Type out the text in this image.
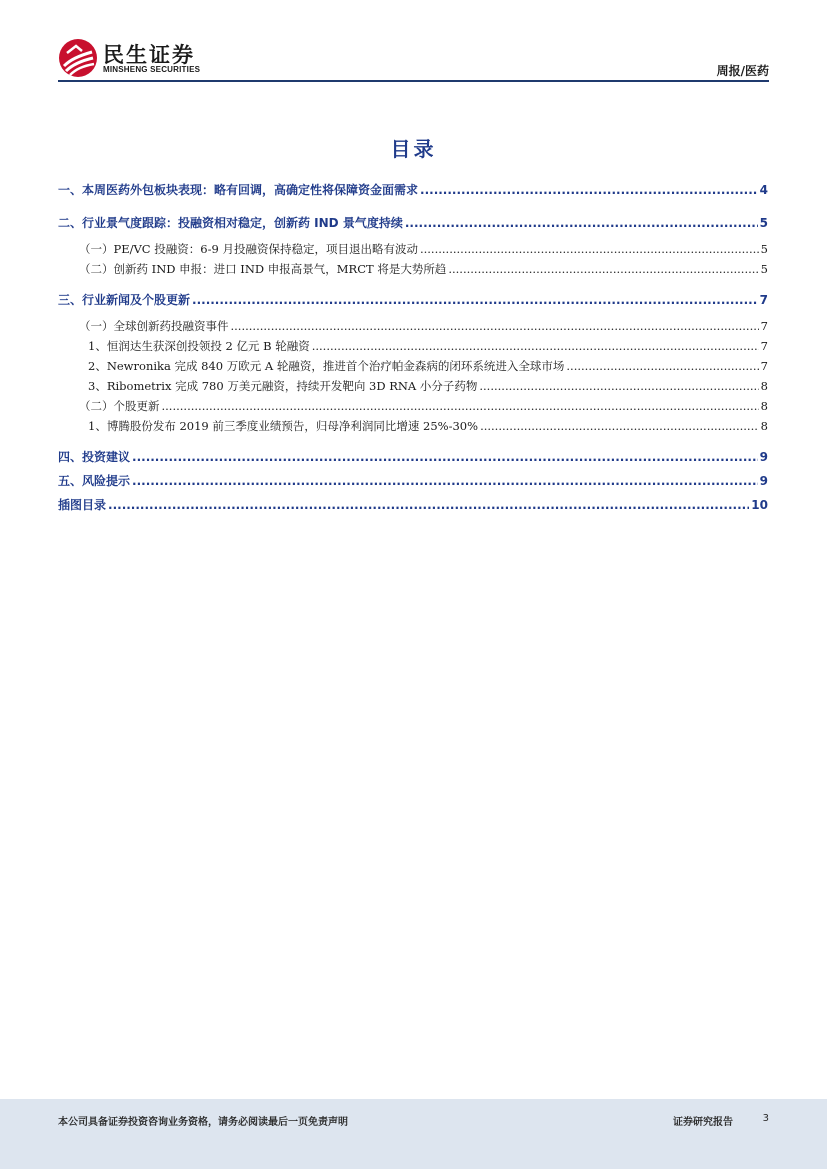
民生证券
MINSHENG SECURITIES	周报/医药
目录
一、本周医药外包板块表现：略有回调，高确定性将保障资金面需求 .....	4
二、行业景气度跟踪：投融资相对稳定，创新药 IND 景气度持续 .....	5
（一）PE/VC 投融资：6-9 月投融资保持稳定，项目退出略有波动 .....	5
（二）创新药 IND 申报：进口 IND 申报高景气，MRCT 将是大势所趋 .....	5
三、行业新闻及个股更新 .....	7
（一）全球创新药投融资事件 .....	7
1、恒润达生获深创投领投 2 亿元 B 轮融资 .....	7
2、Newronika 完成 840 万欧元 A 轮融资，推进首个治疗帕金森病的闭环系统进入全球市场 .....	7
3、Ribometrix 完成 780 万美元融资，持续开发靶向 3D RNA 小分子药物 .....	8
（二）个股更新 .....	8
1、博腾股份发布 2019 前三季度业绩预告，归母净利润同比增速 25%-30% .....	8
四、投资建议 .....	9
五、风险提示 .....	9
插图目录 .....	10
本公司具备证券投资咨询业务资格，请务必阅读最后一页免责声明	证券研究报告	3
